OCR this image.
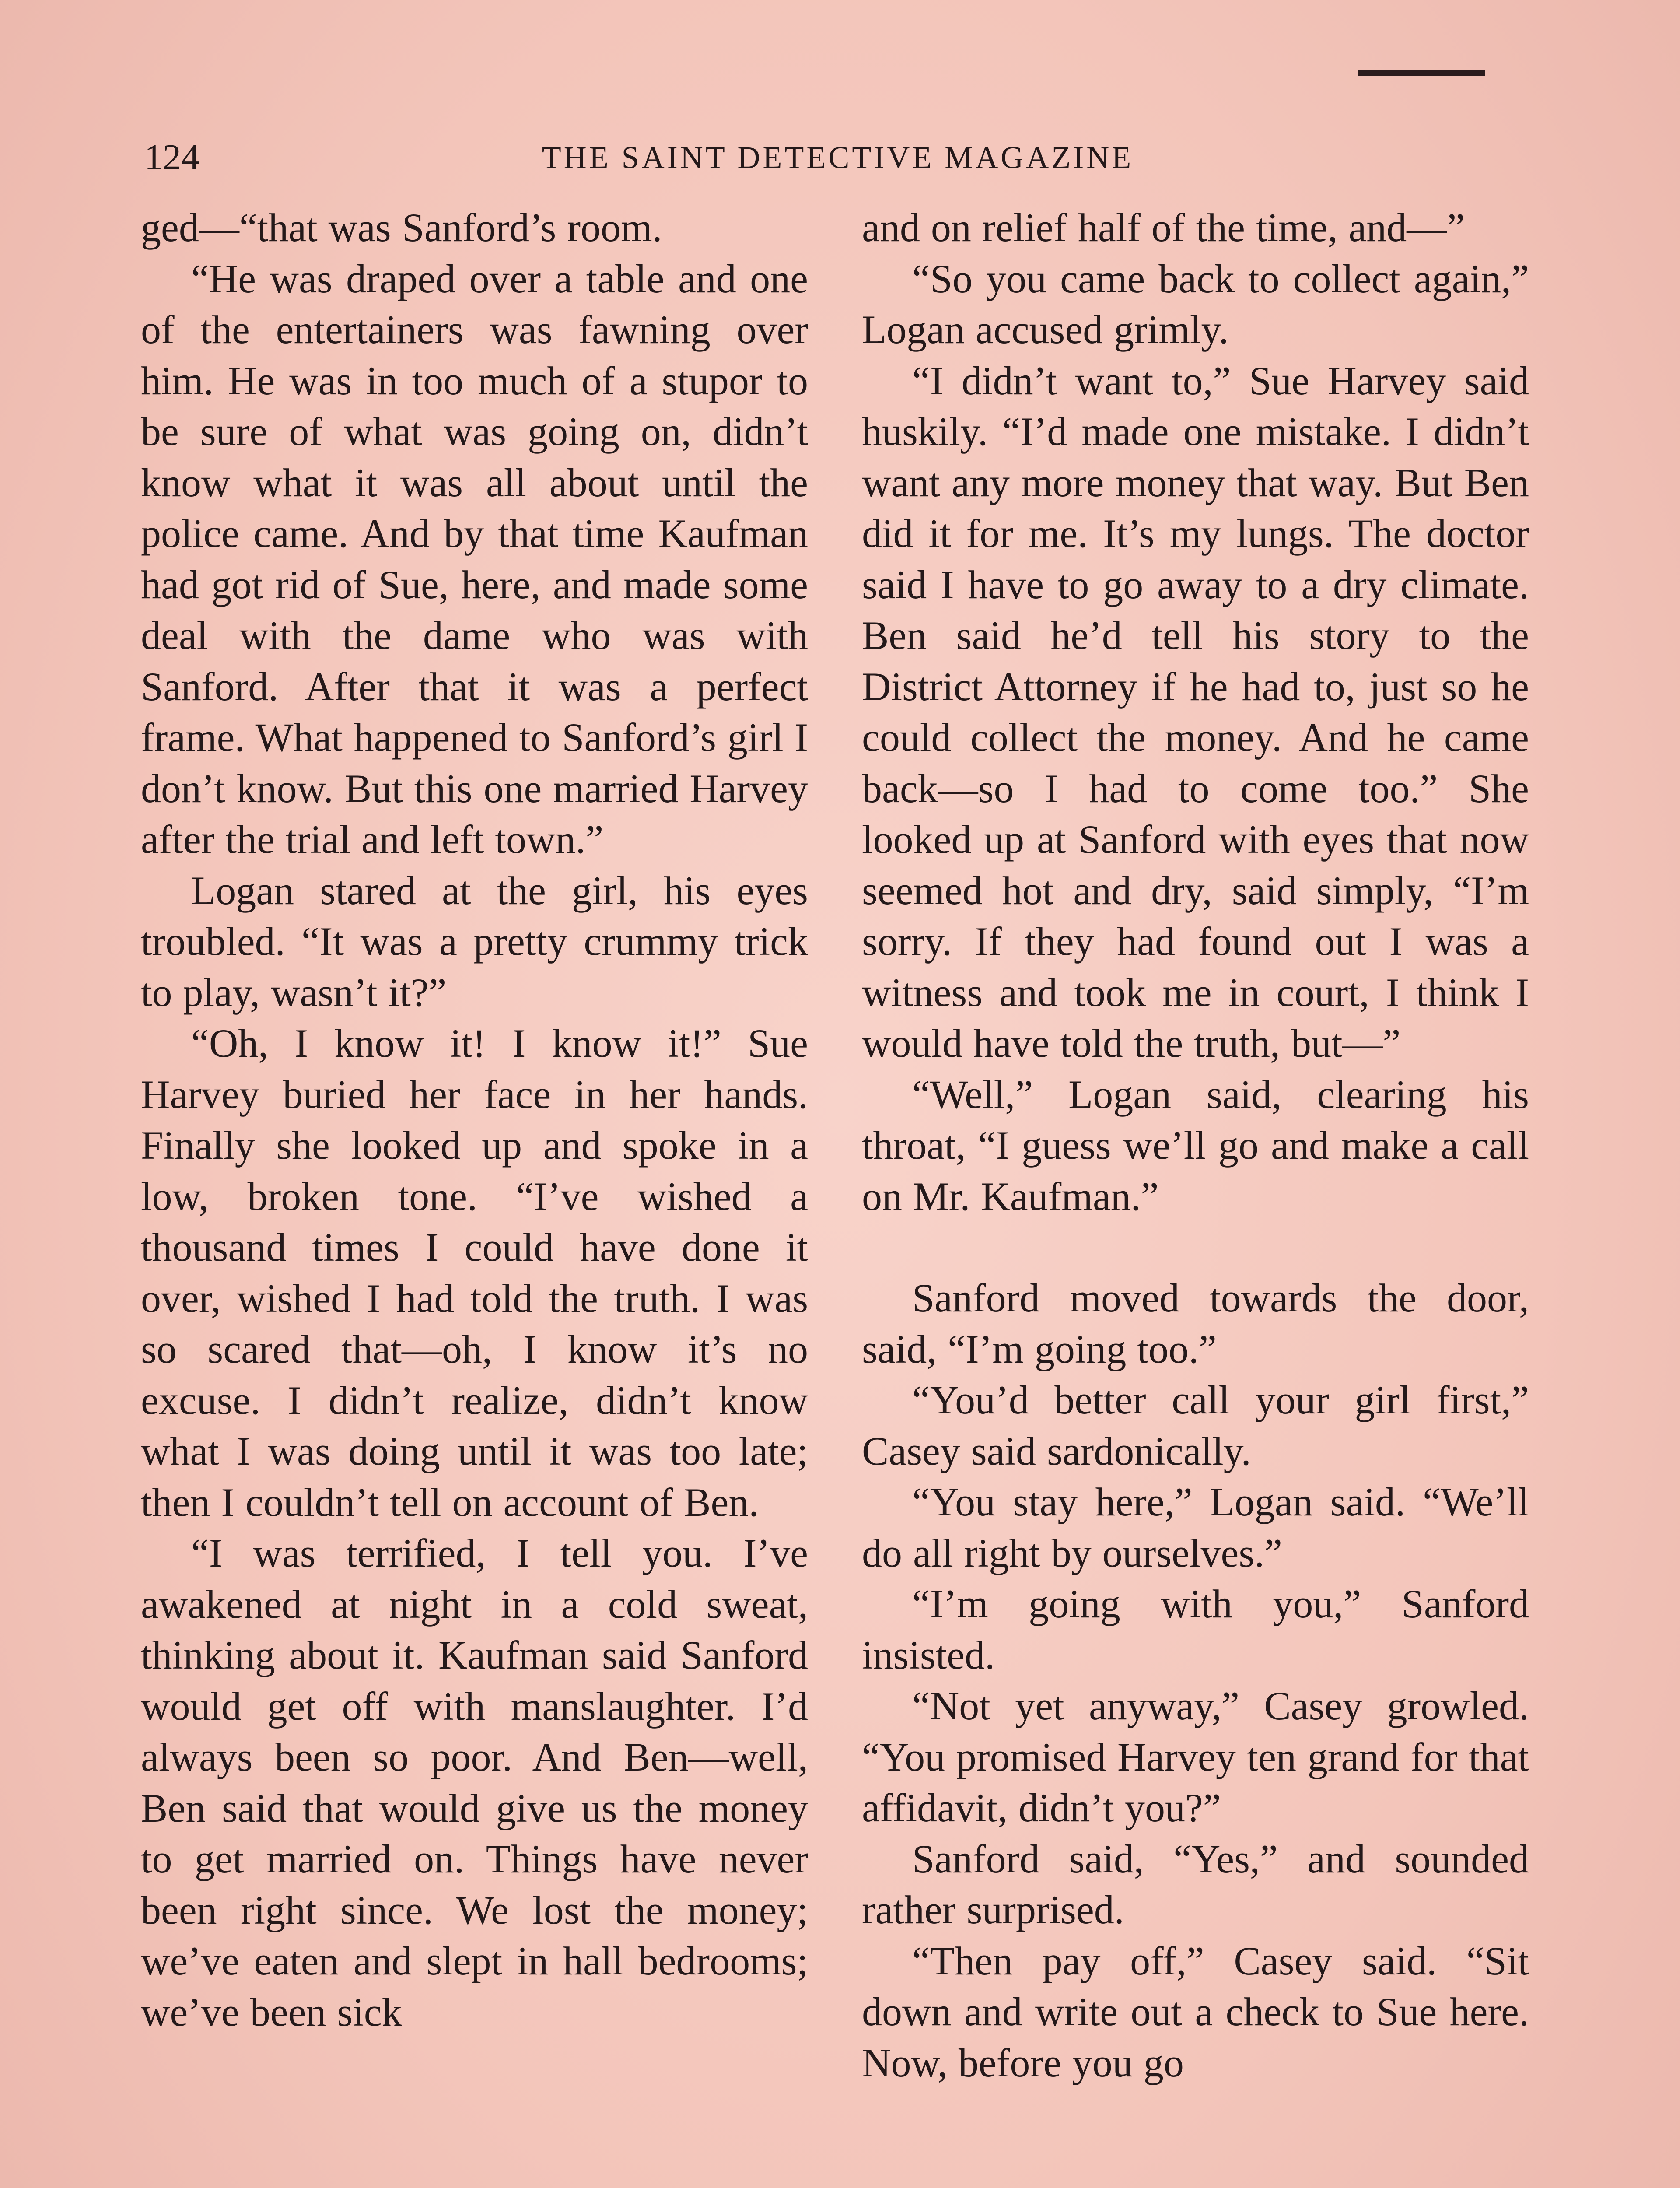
124	THE SAINT DETECTIVE MAGAZINE

ged—“that was Sanford’s room.

“He was draped over a table and one of the entertainers was fawning over him. He was in too much of a stupor to be sure of what was going on, didn’t know what it was all about until the police came. And by that time Kaufman had got rid of Sue, here, and made some deal with the dame who was with Sanford. After that it was a perfect frame. What happened to Sanford’s girl I don’t know. But this one married Harvey after the trial and left town.”

Logan stared at the girl, his eyes troubled. “It was a pretty crummy trick to play, wasn’t it?”

“Oh, I know it! I know it!” Sue Harvey buried her face in her hands. Finally she looked up and spoke in a low, broken tone. “I’ve wished a thousand times I could have done it over, wished I had told the truth. I was so scared that—oh, I know it’s no excuse. I didn’t realize, didn’t know what I was doing until it was too late; then I couldn’t tell on account of Ben.

“I was terrified, I tell you. I’ve awakened at night in a cold sweat, thinking about it. Kaufman said Sanford would get off with manslaughter. I’d always been so poor. And Ben—well, Ben said that would give us the money to get married on. Things have never been right since. We lost the money; we’ve eaten and slept in hall bedrooms; we’ve been sick

and on relief half of the time, and—”

“So you came back to collect again,” Logan accused grimly.

“I didn’t want to,” Sue Harvey said huskily. “I’d made one mistake. I didn’t want any more money that way. But Ben did it for me. It’s my lungs. The doctor said I have to go away to a dry climate. Ben said he’d tell his story to the District Attorney if he had to, just so he could collect the money. And he came back—so I had to come too.” She looked up at Sanford with eyes that now seemed hot and dry, said simply, “I’m sorry. If they had found out I was a witness and took me in court, I think I would have told the truth, but—”

“Well,” Logan said, clearing his throat, “I guess we’ll go and make a call on Mr. Kaufman.”

Sanford moved towards the door, said, “I’m going too.”

“You’d better call your girl first,” Casey said sardonically.

“You stay here,” Logan said. “We’ll do all right by ourselves.”

“I’m going with you,” Sanford insisted.

“Not yet anyway,” Casey growled. “You promised Harvey ten grand for that affidavit, didn’t you?”

Sanford said, “Yes,” and sounded rather surprised.

“Then pay off,” Casey said. “Sit down and write out a check to Sue here. Now, before you go
